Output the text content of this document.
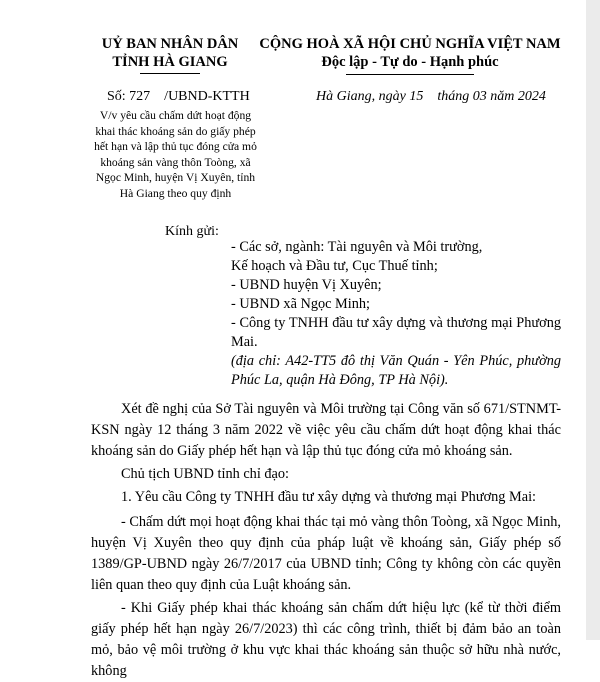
UỶ BAN NHÂN DÂN
TỈNH HÀ GIANG
CỘNG HOÀ XÃ HỘI CHỦ NGHĨA VIỆT NAM
Độc lập - Tự do - Hạnh phúc
Số: 727    /UBND-KTTH	Hà Giang, ngày 15    tháng 03 năm 2024
V/v yêu cầu chấm dứt hoạt động
khai thác khoáng sản do giấy phép
hết hạn và lập thủ tục đóng cửa mỏ
khoáng sản vàng thôn Toòng, xã
Ngọc Minh, huyện Vị Xuyên, tỉnh
Hà Giang theo quy định
Kính gửi:
- Các sở, ngành: Tài nguyên và Môi trường,
Kế hoạch và Đầu tư, Cục Thuế tỉnh;
- UBND huyện Vị Xuyên;
- UBND xã Ngọc Minh;
- Công ty TNHH đầu tư xây dựng và thương mại Phương Mai.
(địa chỉ: A42-TT5 đô thị Văn Quán - Yên Phúc, phường Phúc La, quận Hà Đông, TP Hà Nội).
Xét đề nghị của Sở Tài nguyên và Môi trường tại Công văn số 671/STNMT-KSN ngày 12 tháng 3 năm 2022 về việc yêu cầu chấm dứt hoạt động khai thác khoáng sản do Giấy phép hết hạn và lập thủ tục đóng cửa mỏ khoáng sản.
Chủ tịch UBND tỉnh chỉ đạo:
1. Yêu cầu Công ty TNHH đầu tư xây dựng và thương mại Phương Mai:
- Chấm dứt mọi hoạt động khai thác tại mỏ vàng thôn Toòng, xã Ngọc Minh, huyện Vị Xuyên theo quy định của pháp luật về khoáng sản, Giấy phép số 1389/GP-UBND ngày 26/7/2017 của UBND tỉnh; Công ty không còn các quyền liên quan theo quy định của Luật khoáng sản.
- Khi Giấy phép khai thác khoáng sản chấm dứt hiệu lực (kể từ thời điểm giấy phép hết hạn ngày 26/7/2023) thì các công trình, thiết bị đảm bảo an toàn mỏ, bảo vệ môi trường ở khu vực khai thác khoáng sản thuộc sở hữu nhà nước, không
